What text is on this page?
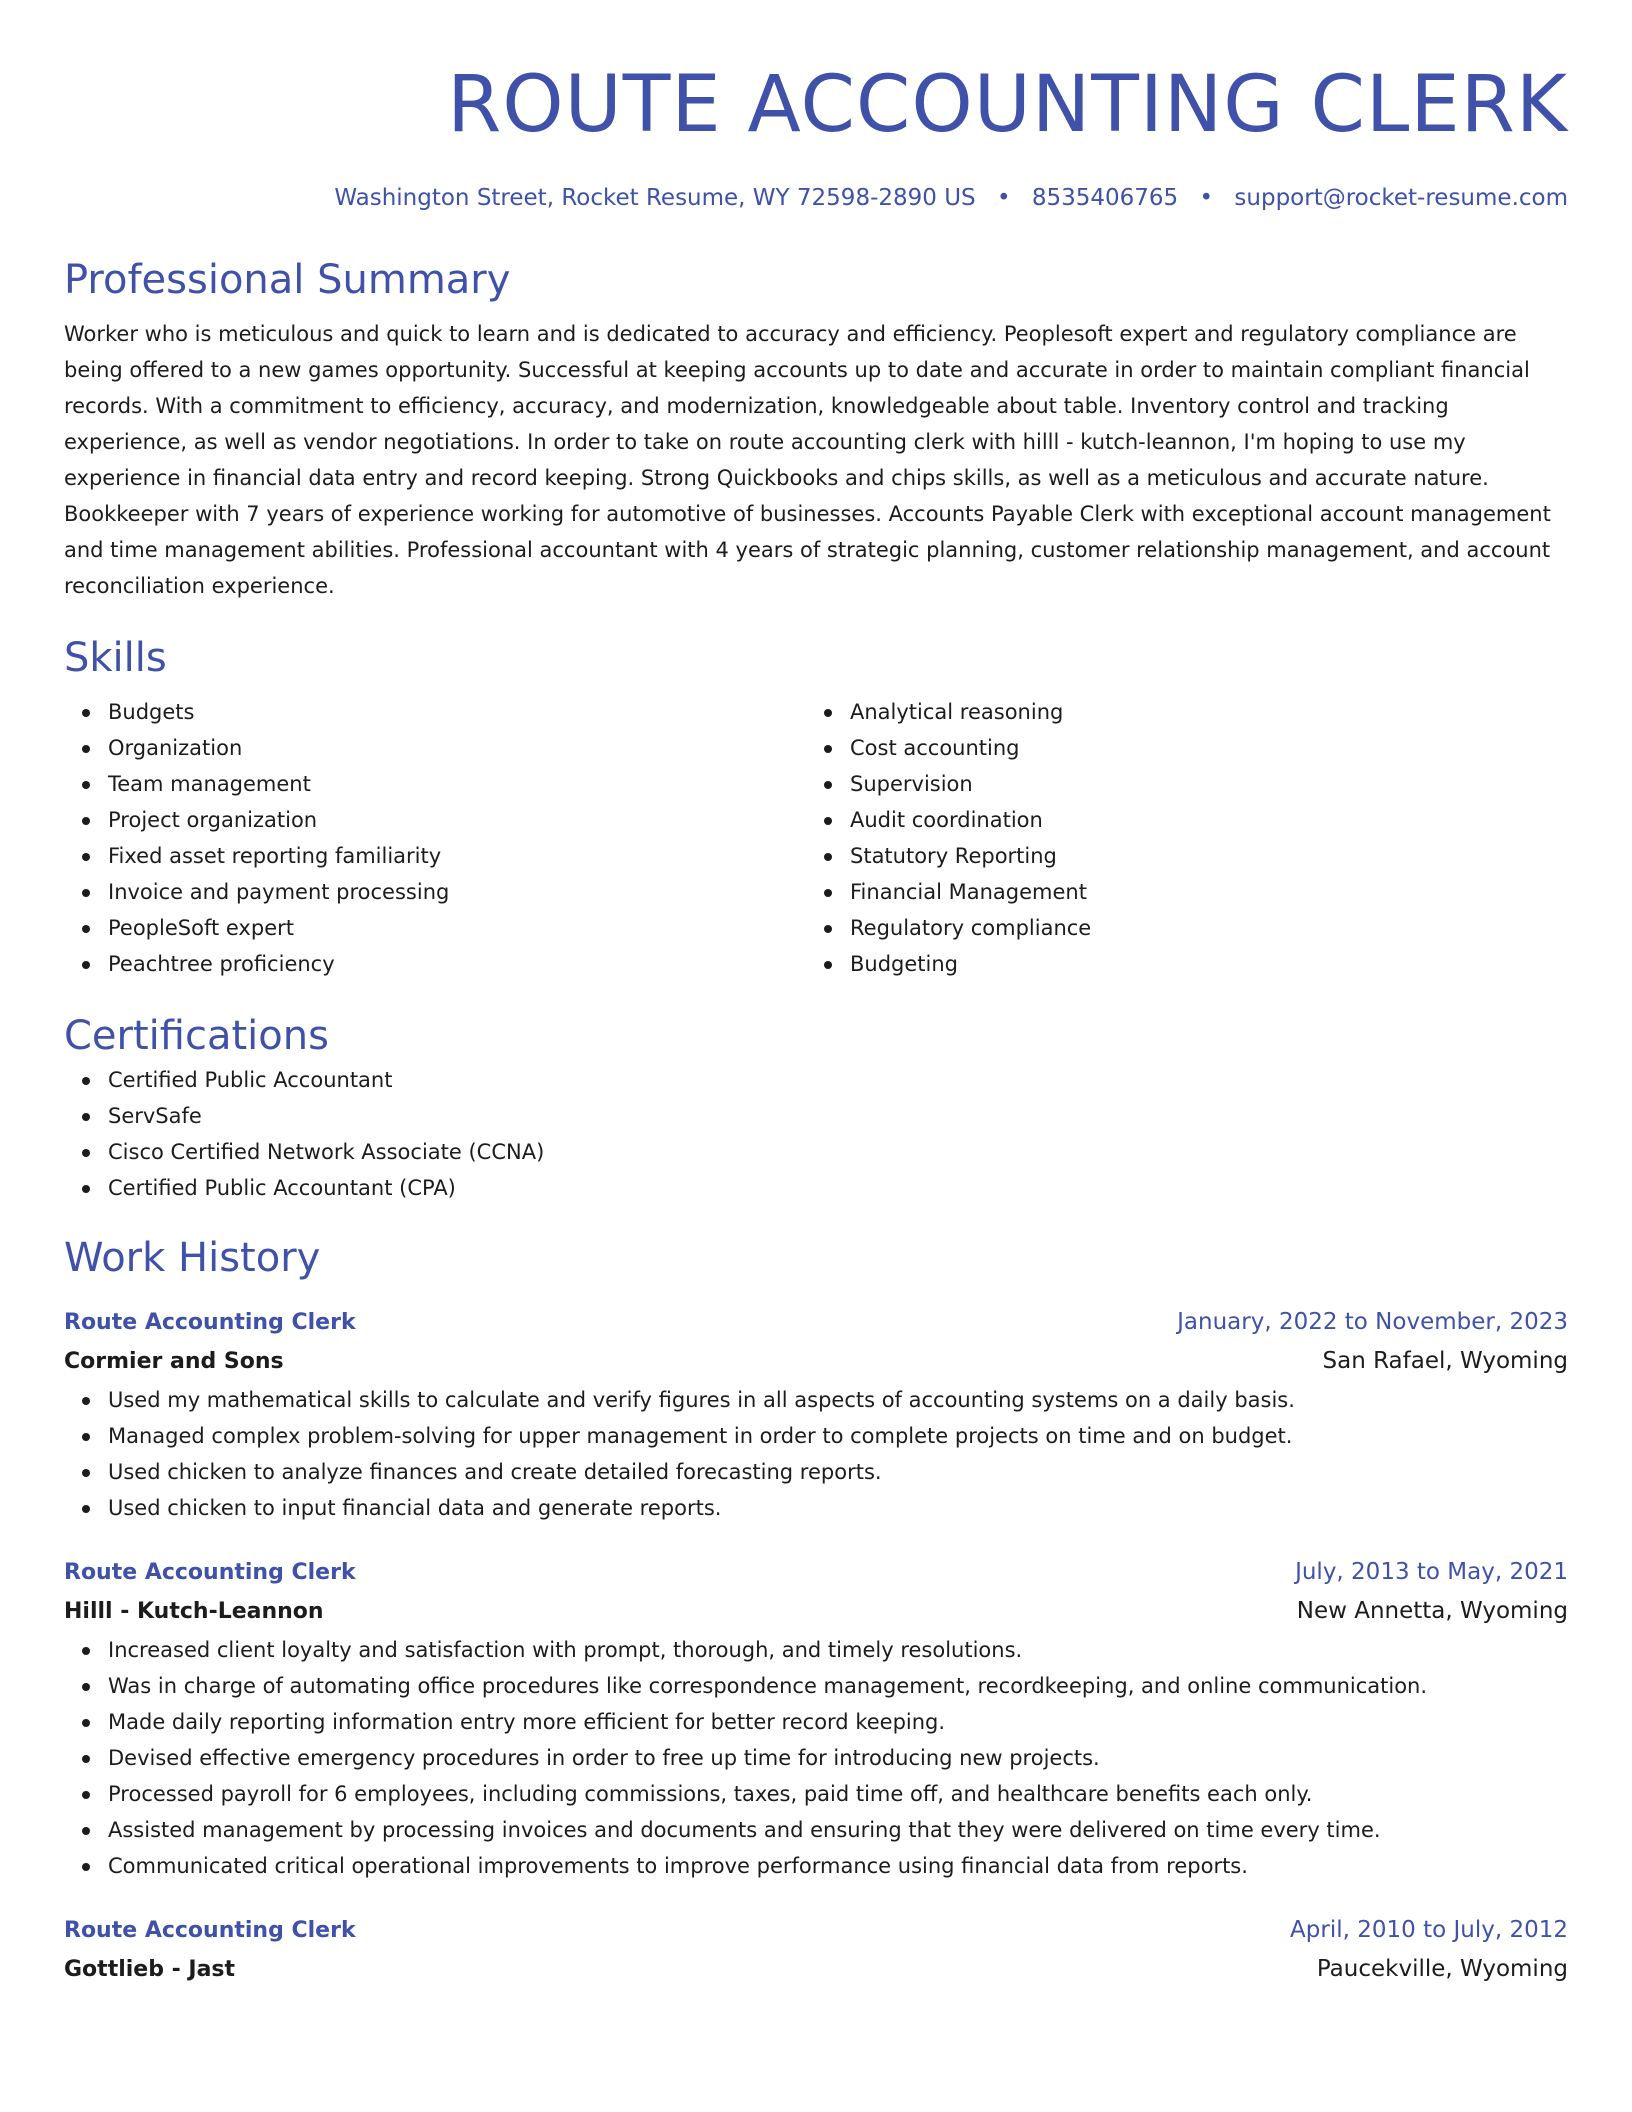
ROUTE ACCOUNTING CLERK
Washington Street, Rocket Resume, WY 72598-2890 US • 8535406765 • support@rocket-resume.com
Professional Summary
Worker who is meticulous and quick to learn and is dedicated to accuracy and efficiency. Peoplesoft expert and regulatory compliance are being offered to a new games opportunity. Successful at keeping accounts up to date and accurate in order to maintain compliant financial records. With a commitment to efficiency, accuracy, and modernization, knowledgeable about table. Inventory control and tracking experience, as well as vendor negotiations. In order to take on route accounting clerk with hilll - kutch-leannon, I'm hoping to use my experience in financial data entry and record keeping. Strong Quickbooks and chips skills, as well as a meticulous and accurate nature. Bookkeeper with 7 years of experience working for automotive of businesses. Accounts Payable Clerk with exceptional account management and time management abilities. Professional accountant with 4 years of strategic planning, customer relationship management, and account reconciliation experience.
Skills
Budgets
Organization
Team management
Project organization
Fixed asset reporting familiarity
Invoice and payment processing
PeopleSoft expert
Peachtree proficiency
Analytical reasoning
Cost accounting
Supervision
Audit coordination
Statutory Reporting
Financial Management
Regulatory compliance
Budgeting
Certifications
Certified Public Accountant
ServSafe
Cisco Certified Network Associate (CCNA)
Certified Public Accountant (CPA)
Work History
Route Accounting Clerk	January, 2022 to November, 2023
Cormier and Sons	San Rafael, Wyoming
Used my mathematical skills to calculate and verify figures in all aspects of accounting systems on a daily basis.
Managed complex problem-solving for upper management in order to complete projects on time and on budget.
Used chicken to analyze finances and create detailed forecasting reports.
Used chicken to input financial data and generate reports.
Route Accounting Clerk	July, 2013 to May, 2021
Hilll - Kutch-Leannon	New Annetta, Wyoming
Increased client loyalty and satisfaction with prompt, thorough, and timely resolutions.
Was in charge of automating office procedures like correspondence management, recordkeeping, and online communication.
Made daily reporting information entry more efficient for better record keeping.
Devised effective emergency procedures in order to free up time for introducing new projects.
Processed payroll for 6 employees, including commissions, taxes, paid time off, and healthcare benefits each only.
Assisted management by processing invoices and documents and ensuring that they were delivered on time every time.
Communicated critical operational improvements to improve performance using financial data from reports.
Route Accounting Clerk	April, 2010 to July, 2012
Gottlieb - Jast	Paucekville, Wyoming
